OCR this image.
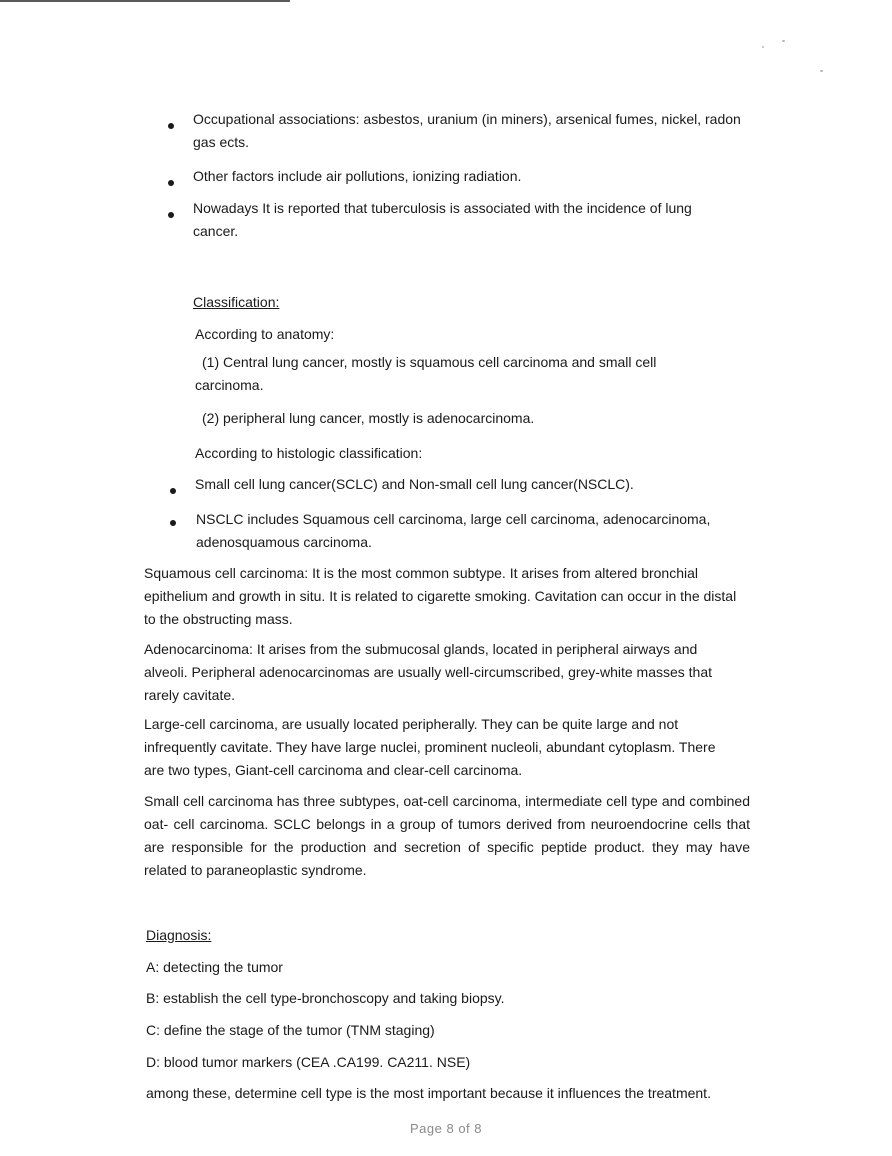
Occupational associations: asbestos, uranium (in miners), arsenical fumes, nickel, radon gas ects.

Other factors include air pollutions, ionizing radiation.

Nowadays It is reported that tuberculosis is associated with the incidence of lung cancer.

Classification:

According to anatomy:

(1) Central lung cancer, mostly is squamous cell carcinoma and small cell carcinoma.

(2) peripheral lung cancer, mostly is adenocarcinoma.

According to histologic classification:

Small cell lung cancer(SCLC) and Non-small cell lung cancer(NSCLC).

NSCLC includes Squamous cell carcinoma, large cell carcinoma, adenocarcinoma, adenosquamous carcinoma.

Squamous cell carcinoma: It is the most common subtype. It arises from altered bronchial epithelium and growth in situ. It is related to cigarette smoking. Cavitation can occur in the distal to the obstructing mass.

Adenocarcinoma: It arises from the submucosal glands, located in peripheral airways and alveoli. Peripheral adenocarcinomas are usually well-circumscribed, grey-white masses that rarely cavitate.

Large-cell carcinoma, are usually located peripherally. They can be quite large and not infrequently cavitate. They have large nuclei, prominent nucleoli, abundant cytoplasm. There are two types, Giant-cell carcinoma and clear-cell carcinoma.

Small cell carcinoma has three subtypes, oat-cell carcinoma, intermediate cell type and combined oat- cell carcinoma. SCLC belongs in a group of tumors derived from neuroendocrine cells that are responsible for the production and secretion of specific peptide product. they may have related to paraneoplastic syndrome.

Diagnosis:

A: detecting the tumor

B: establish the cell type-bronchoscopy and taking biopsy.

C: define the stage of the tumor (TNM staging)

D: blood tumor markers (CEA .CA199. CA211. NSE)

among these, determine cell type is the most important because it influences the treatment.

Page 8 of 8
